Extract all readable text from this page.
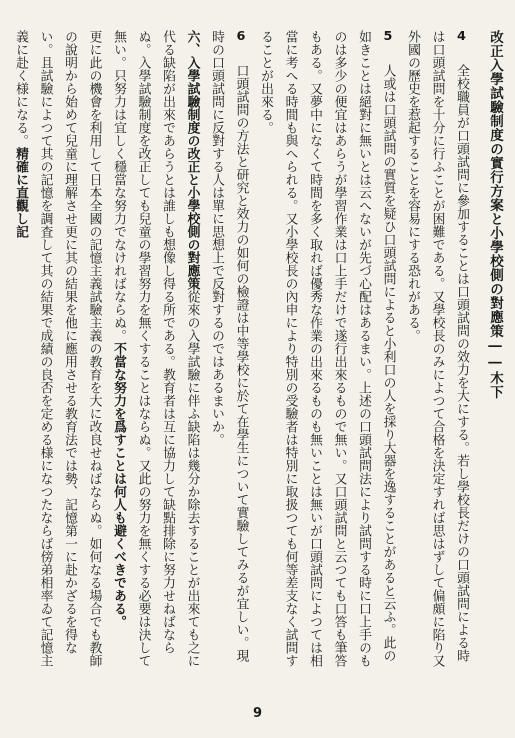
改正入學試驗制度の實行方案と小學校側の對應策――木下

4 全校職員が口頭試問に參加することは口頭試問の效力を大にする。若し學校長だけの口頭試問による時は口頭試問を十分に行ふことが困難である。又學校長のみによつて合格を決定すれば思はずして偏頗に陷り又外國の歷史を惹起することを容易にする恐れがある。

5 人或は口頭試問の實質を疑ひ口頭試問によると小利口の人を採り大器を逸することがあると云ふ。此の如きことは絕對に無いとは云へないが先づ心配はあるまい。上述の口頭試問法により試問する時に口上手のものは多少の便宜はあらうが學習作業は口上手だけで遂行出來るもので無い。又口頭試問と云つても口答も筆答もある。又夢中になくて時間を多く取れば優秀な作業の出來るものも無いことは無いが口頭試問によつては相當に考へる時間も與へられる。又小學校長の內申により特別の受驗者は特別に取扱つても何等差支なく試問することが出來る。

6 口頭試問の方法と研究と效力の如何の檢證は中等學校に於て在學生について實驗してみるが宜しい。現時の口頭試問に反對する人は單に思想上で反對するのではあるまいか。

六、入學試驗制度の改正と小學校側の對應策從來の入學試驗に伴ふ缺陷は幾分か除去することが出來ても之に代る缺陷が出來であらうとは誰しも想像し得る所である。教育者は互に協力して缺點排除に努力せねばならぬ。入學試驗制度を改正しても兒童の學習努力を無くすることはならぬ。又此の努力を無くする必要は決して無い。只努力は宜しく穩當な努力でなければならぬ。不當な努力を爲すことは何人も避くべきである。

更に此の機會を利用して日本全國の記憶主義試驗主義の教育を大に改良せねばならぬ。如何なる場合でも教師の說明から始めて兒童に理解させ更に其の結果を他に應用させる教育法では勢、記憶第一に赴かざるを得ない。且試驗によつて其の記憶を調査して其の結果で成績の良否を定める様になつたならば傍弟相率ゐて記憶主義に赴く様になる。精確に直觀し記

9
